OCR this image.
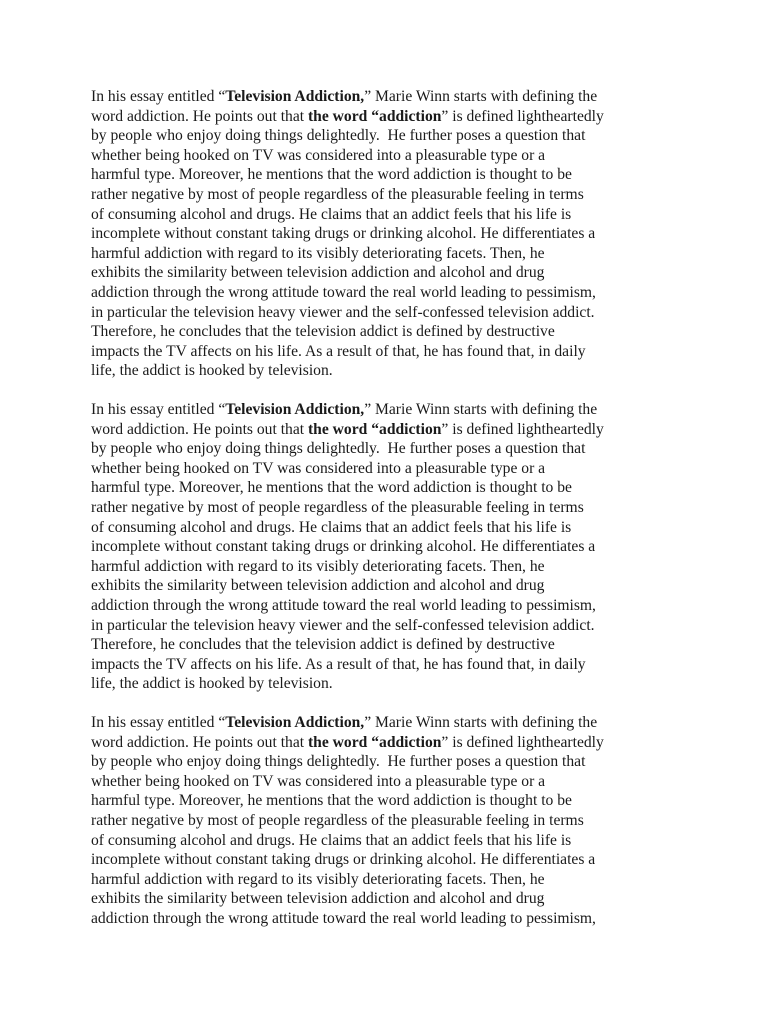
In his essay entitled “Television Addiction,” Marie Winn starts with defining the
word addiction. He points out that the word “addiction” is defined lightheartedly
by people who enjoy doing things delightedly.  He further poses a question that
whether being hooked on TV was considered into a pleasurable type or a
harmful type. Moreover, he mentions that the word addiction is thought to be
rather negative by most of people regardless of the pleasurable feeling in terms
of consuming alcohol and drugs. He claims that an addict feels that his life is
incomplete without constant taking drugs or drinking alcohol. He differentiates a
harmful addiction with regard to its visibly deteriorating facets. Then, he
exhibits the similarity between television addiction and alcohol and drug
addiction through the wrong attitude toward the real world leading to pessimism,
in particular the television heavy viewer and the self-confessed television addict.
Therefore, he concludes that the television addict is defined by destructive
impacts the TV affects on his life. As a result of that, he has found that, in daily
life, the addict is hooked by television.
In his essay entitled “Television Addiction,” Marie Winn starts with defining the
word addiction. He points out that the word “addiction” is defined lightheartedly
by people who enjoy doing things delightedly.  He further poses a question that
whether being hooked on TV was considered into a pleasurable type or a
harmful type. Moreover, he mentions that the word addiction is thought to be
rather negative by most of people regardless of the pleasurable feeling in terms
of consuming alcohol and drugs. He claims that an addict feels that his life is
incomplete without constant taking drugs or drinking alcohol. He differentiates a
harmful addiction with regard to its visibly deteriorating facets. Then, he
exhibits the similarity between television addiction and alcohol and drug
addiction through the wrong attitude toward the real world leading to pessimism,
in particular the television heavy viewer and the self-confessed television addict.
Therefore, he concludes that the television addict is defined by destructive
impacts the TV affects on his life. As a result of that, he has found that, in daily
life, the addict is hooked by television.
In his essay entitled “Television Addiction,” Marie Winn starts with defining the
word addiction. He points out that the word “addiction” is defined lightheartedly
by people who enjoy doing things delightedly.  He further poses a question that
whether being hooked on TV was considered into a pleasurable type or a
harmful type. Moreover, he mentions that the word addiction is thought to be
rather negative by most of people regardless of the pleasurable feeling in terms
of consuming alcohol and drugs. He claims that an addict feels that his life is
incomplete without constant taking drugs or drinking alcohol. He differentiates a
harmful addiction with regard to its visibly deteriorating facets. Then, he
exhibits the similarity between television addiction and alcohol and drug
addiction through the wrong attitude toward the real world leading to pessimism,
